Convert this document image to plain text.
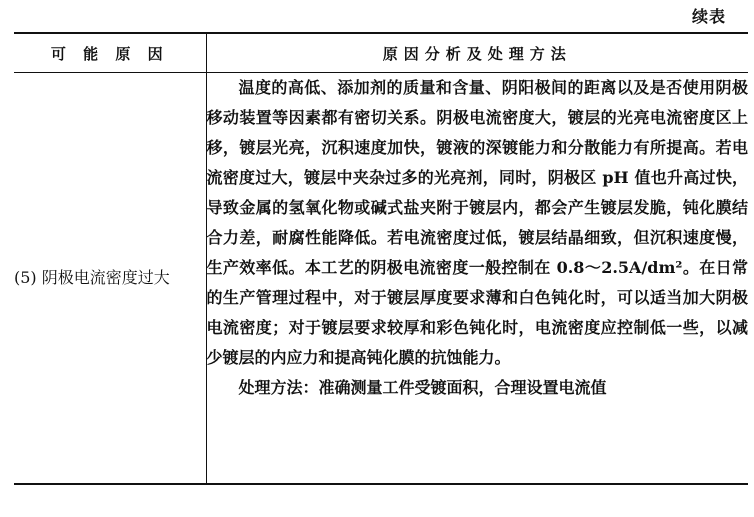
续表
可 能 原 因	原因分析及处理方法
(5) 阴极电流密度过大	温度的高低、添加剂的质量和含量、阴阳极间的距离以及是否使用阴极移动装置等因素都有密切关系。阴极电流密度大，镀层的光亮电流密度区上移，镀层光亮，沉积速度加快，镀液的深镀能力和分散能力有所提高。若电流密度过大，镀层中夹杂过多的光亮剂，同时，阴极区 pH 值也升高过快，导致金属的氢氧化物或碱式盐夹附于镀层内，都会产生镀层发脆，钝化膜结合力差，耐腐性能降低。若电流密度过低，镀层结晶细致，但沉积速度慢，生产效率低。本工艺的阴极电流密度一般控制在 0.8～2.5A/dm²。在日常的生产管理过程中，对于镀层厚度要求薄和白色钝化时，可以适当加大阴极电流密度；对于镀层要求较厚和彩色钝化时，电流密度应控制低一些，以减少镀层的内应力和提高钝化膜的抗蚀能力。

处理方法：准确测量工件受镀面积，合理设置电流值
